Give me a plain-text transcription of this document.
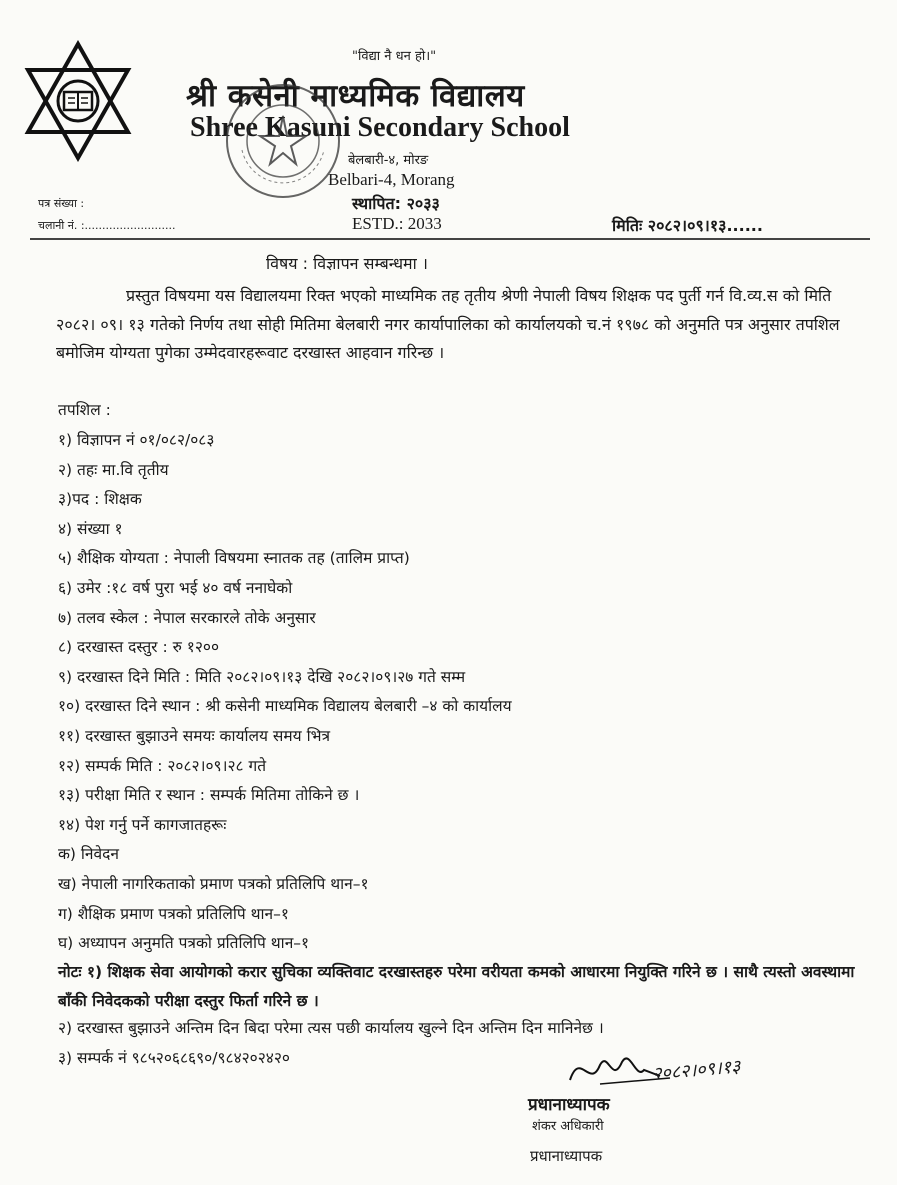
"विद्या नै धन हो।"
श्री कसेनी माध्यमिक विद्यालय
Shree Kasuni Secondary School
बेलबारी-४, मोरङ
Belbari-4, Morang
स्थापित: २०३३
ESTD.: 2033
पत्र संख्या :
चलानी नं. :..........................	मितिः २०८२।०९।१३......
विषय : विज्ञापन सम्बन्धमा ।
प्रस्तुत विषयमा यस विद्यालयमा रिक्त भएको माध्यमिक तह तृतीय श्रेणी नेपाली विषय शिक्षक पद पुर्ती गर्न वि.व्य.स को मिति २०८२। ०९। १३ गतेको निर्णय तथा सोही मितिमा बेलबारी नगर कार्यापालिका को कार्यालयको च.नं १९७८ को अनुमति पत्र अनुसार तपशिल बमोजिम योग्यता पुगेका उम्मेदवारहरूवाट दरखास्त आहवान गरिन्छ ।
तपशिल :
१) विज्ञापन नं ०१/०८२/०८३
२) तहः मा.वि तृतीय
३)पद : शिक्षक
४) संख्या १
५) शैक्षिक योग्यता : नेपाली विषयमा स्नातक तह (तालिम प्राप्त)
६) उमेर :१८ वर्ष पुरा भई ४० वर्ष ननाघेको
७) तलव स्केल : नेपाल सरकारले तोके अनुसार
८) दरखास्त दस्तुर : रु १२००
९) दरखास्त दिने मिति : मिति २०८२।०९।१३ देखि २०८२।०९।२७ गते सम्म
१०) दरखास्त दिने स्थान : श्री कसेनी माध्यमिक विद्यालय बेलबारी –४ को कार्यालय
११) दरखास्त बुझाउने समयः कार्यालय समय भित्र
१२) सम्पर्क मिति : २०८२।०९।२८ गते
१३) परीक्षा मिति र स्थान : सम्पर्क मितिमा तोकिने छ ।
१४) पेश गर्नु पर्ने कागजातहरूः
क) निवेदन
ख) नेपाली नागरिकताको प्रमाण पत्रको प्रतिलिपि थान–१
ग) शैक्षिक प्रमाण पत्रको प्रतिलिपि थान–१
घ) अध्यापन अनुमति पत्रको प्रतिलिपि थान–१
नोटः १) शिक्षक सेवा आयोगको करार सुचिका व्यक्तिवाट दरखास्तहरु परेमा वरीयता कमको आधारमा नियुक्ति गरिने छ । साथै त्यस्तो अवस्थामा बाँकी निवेदकको परीक्षा दस्तुर फिर्ता गरिने छ ।
२) दरखास्त बुझाउने अन्तिम दिन बिदा परेमा त्यस पछी कार्यालय खुल्ने दिन अन्तिम दिन मानिनेछ ।
३) सम्पर्क नं ९८५२०६८६९०/९८४२०२४२०	२०८२।०९।१३
प्रधानाध्यापक
शंकर अधिकारी
प्रधानाध्यापक
